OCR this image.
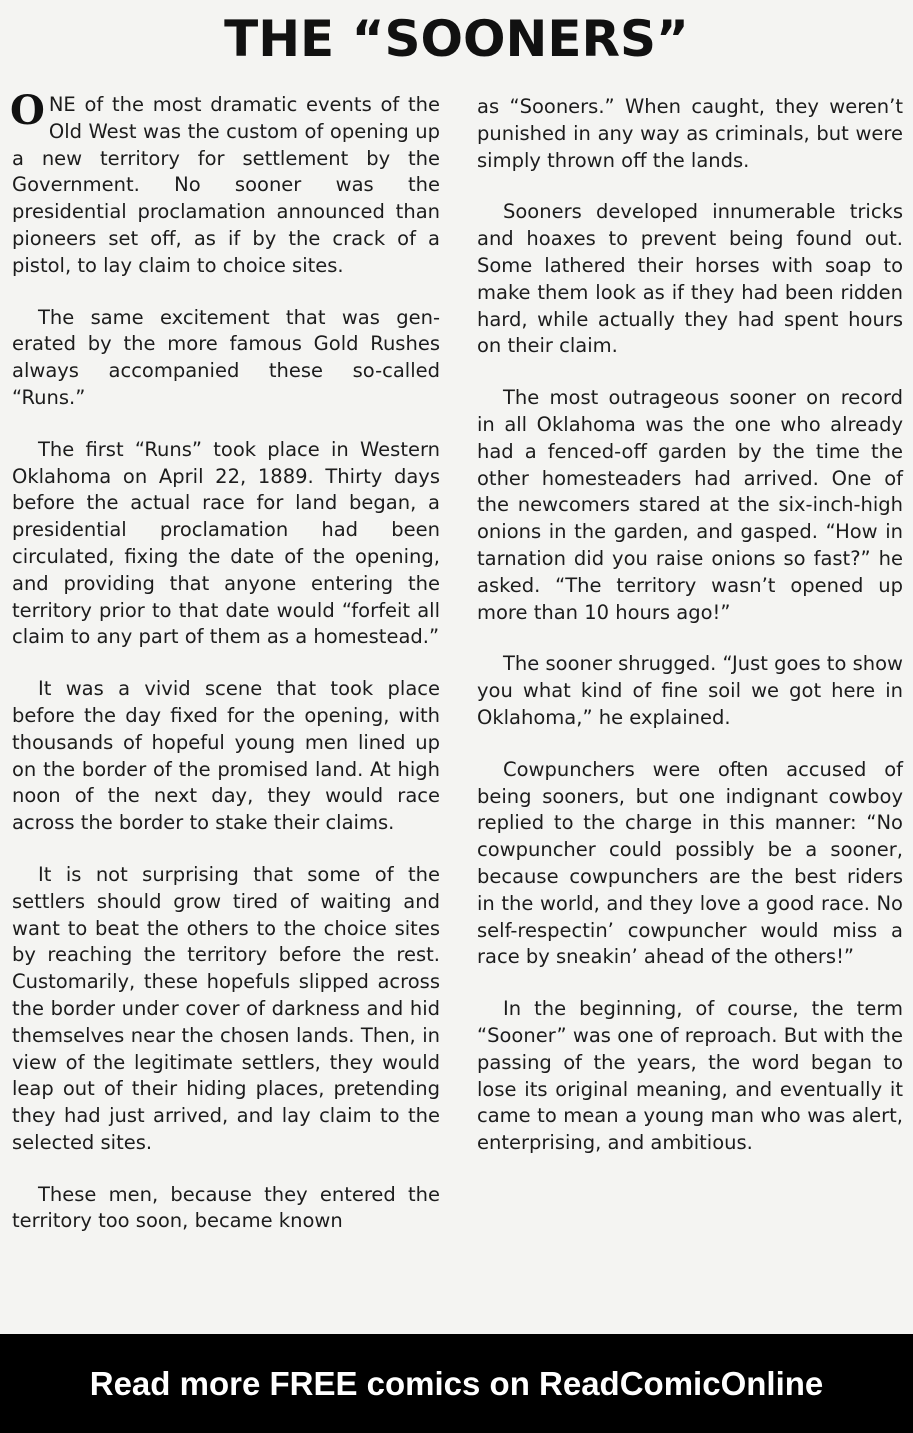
THE “SOONERS”

ONE of the most dramatic events of the Old West was the custom of opening up a new territory for settlement by the Government. No sooner was the presidential proclamation announced than pioneers set off, as if by the crack of a pistol, to lay claim to choice sites.

The same excitement that was generated by the more famous Gold Rushes always accompanied these so-called “Runs.”

The first “Runs” took place in Western Oklahoma on April 22, 1889. Thirty days before the actual race for land began, a presidential proclamation had been circulated, fixing the date of the opening, and providing that anyone entering the territory prior to that date would “forfeit all claim to any part of them as a homestead.”

It was a vivid scene that took place before the day fixed for the opening, with thousands of hopeful young men lined up on the border of the promised land. At high noon of the next day, they would race across the border to stake their claims.

It is not surprising that some of the settlers should grow tired of waiting and want to beat the others to the choice sites by reaching the territory before the rest. Customarily, these hopefuls slipped across the border under cover of darkness and hid themselves near the chosen lands. Then, in view of the legitimate settlers, they would leap out of their hiding places, pretending they had just arrived, and lay claim to the selected sites.

These men, because they entered the territory too soon, became known

as “Sooners.” When caught, they weren’t punished in any way as criminals, but were simply thrown off the lands.

Sooners developed innumerable tricks and hoaxes to prevent being found out. Some lathered their horses with soap to make them look as if they had been ridden hard, while actually they had spent hours on their claim.

The most outrageous sooner on record in all Oklahoma was the one who already had a fenced-off garden by the time the other homesteaders had arrived. One of the newcomers stared at the six-inch-high onions in the garden, and gasped. “How in tarnation did you raise onions so fast?” he asked. “The territory wasn’t opened up more than 10 hours ago!”

The sooner shrugged. “Just goes to show you what kind of fine soil we got here in Oklahoma,” he explained.

Cowpunchers were often accused of being sooners, but one indignant cowboy replied to the charge in this manner: “No cowpuncher could possibly be a sooner, because cowpunchers are the best riders in the world, and they love a good race. No self-respectin’ cowpuncher would miss a race by sneakin’ ahead of the others!”

In the beginning, of course, the term “Sooner” was one of reproach. But with the passing of the years, the word began to lose its original meaning, and eventually it came to mean a young man who was alert, enterprising, and ambitious.

Read more FREE comics on ReadComicOnline
